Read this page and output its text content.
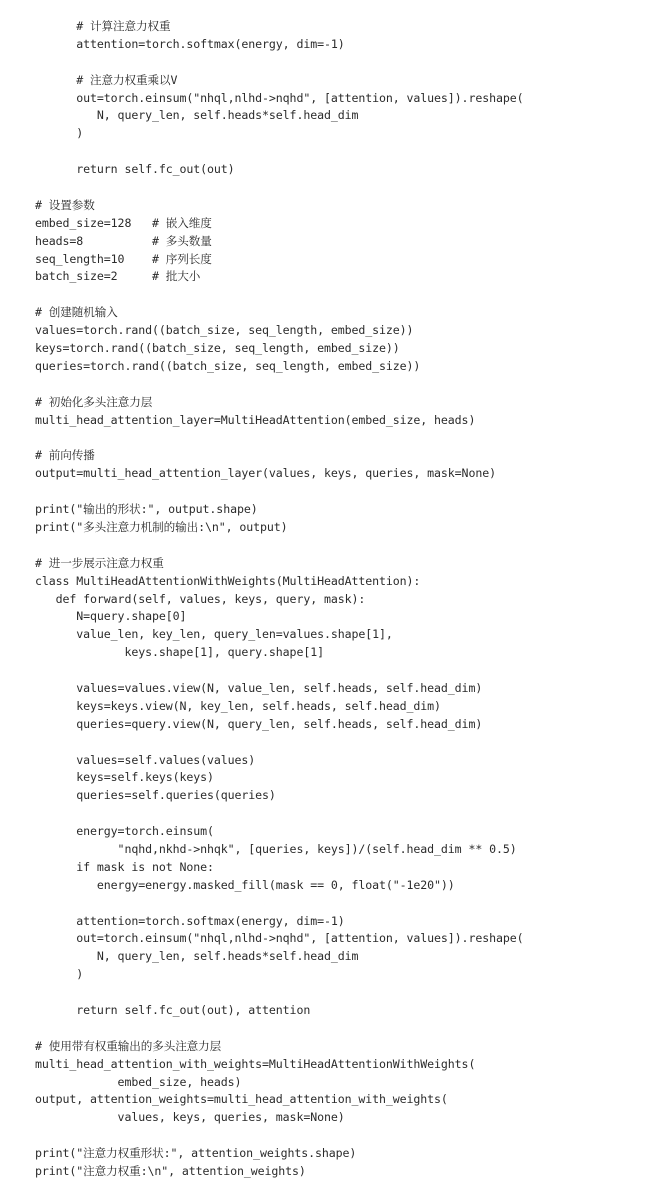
# 计算注意力权重
attention=torch.softmax(energy, dim=-1)
# 注意力权重乘以V
out=torch.einsum("nhql,nlhd->nqhd", [attention, values]).reshape(
N, query_len, self.heads*self.head_dim
)
return self.fc_out(out)
# 设置参数
embed_size=128   # 嵌入维度
heads=8          # 多头数量
seq_length=10    # 序列长度
batch_size=2     # 批大小
# 创建随机输入
values=torch.rand((batch_size, seq_length, embed_size))
keys=torch.rand((batch_size, seq_length, embed_size))
queries=torch.rand((batch_size, seq_length, embed_size))
# 初始化多头注意力层
multi_head_attention_layer=MultiHeadAttention(embed_size, heads)
# 前向传播
output=multi_head_attention_layer(values, keys, queries, mask=None)
print("输出的形状:", output.shape)
print("多头注意力机制的输出:\n", output)
# 进一步展示注意力权重
class MultiHeadAttentionWithWeights(MultiHeadAttention):
def forward(self, values, keys, query, mask):
N=query.shape[0]
value_len, key_len, query_len=values.shape[1],
keys.shape[1], query.shape[1]
values=values.view(N, value_len, self.heads, self.head_dim)
keys=keys.view(N, key_len, self.heads, self.head_dim)
queries=query.view(N, query_len, self.heads, self.head_dim)
values=self.values(values)
keys=self.keys(keys)
queries=self.queries(queries)
energy=torch.einsum(
"nqhd,nkhd->nhqk", [queries, keys])/(self.head_dim ** 0.5)
if mask is not None:
energy=energy.masked_fill(mask == 0, float("-1e20"))
attention=torch.softmax(energy, dim=-1)
out=torch.einsum("nhql,nlhd->nqhd", [attention, values]).reshape(
N, query_len, self.heads*self.head_dim
)
return self.fc_out(out), attention
# 使用带有权重输出的多头注意力层
multi_head_attention_with_weights=MultiHeadAttentionWithWeights(
embed_size, heads)
output, attention_weights=multi_head_attention_with_weights(
values, keys, queries, mask=None)
print("注意力权重形状:", attention_weights.shape)
print("注意力权重:\n", attention_weights)
